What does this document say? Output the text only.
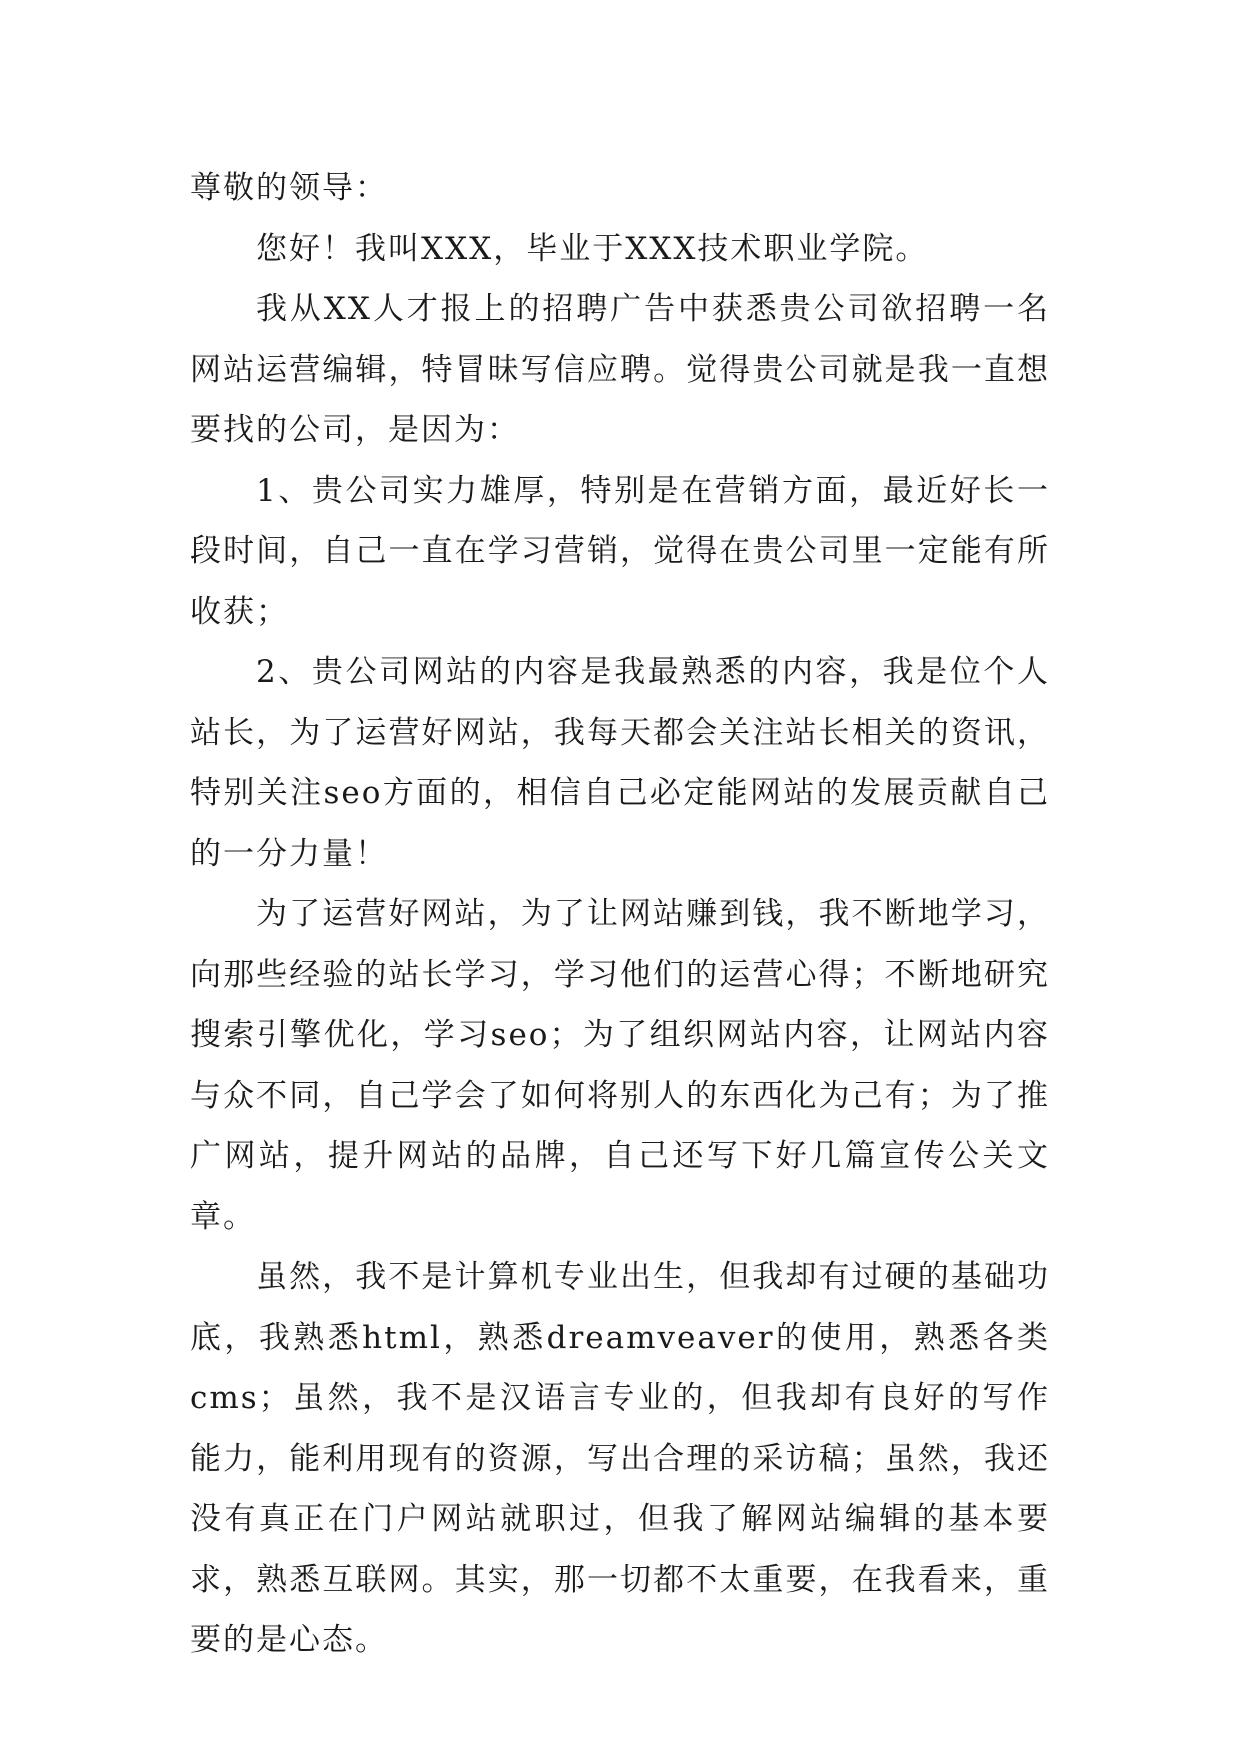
尊敬的领导：

您好！我叫XXX，毕业于XXX技术职业学院。

我从XX人才报上的招聘广告中获悉贵公司欲招聘一名网站运营编辑，特冒昧写信应聘。觉得贵公司就是我一直想要找的公司，是因为：

1、贵公司实力雄厚，特别是在营销方面，最近好长一段时间，自己一直在学习营销，觉得在贵公司里一定能有所收获；

2、贵公司网站的内容是我最熟悉的内容，我是位个人站长，为了运营好网站，我每天都会关注站长相关的资讯，特别关注seo方面的，相信自己必定能网站的发展贡献自己的一分力量！

为了运营好网站，为了让网站赚到钱，我不断地学习，向那些经验的站长学习，学习他们的运营心得；不断地研究搜索引擎优化，学习seo；为了组织网站内容，让网站内容与众不同，自己学会了如何将别人的东西化为己有；为了推广网站，提升网站的品牌，自己还写下好几篇宣传公关文章。

虽然，我不是计算机专业出生，但我却有过硬的基础功底，我熟悉html，熟悉dreamveaver的使用，熟悉各类cms；虽然，我不是汉语言专业的，但我却有良好的写作能力，能利用现有的资源，写出合理的采访稿；虽然，我还没有真正在门户网站就职过，但我了解网站编辑的基本要求，熟悉互联网。其实，那一切都不太重要，在我看来，重要的是心态。
